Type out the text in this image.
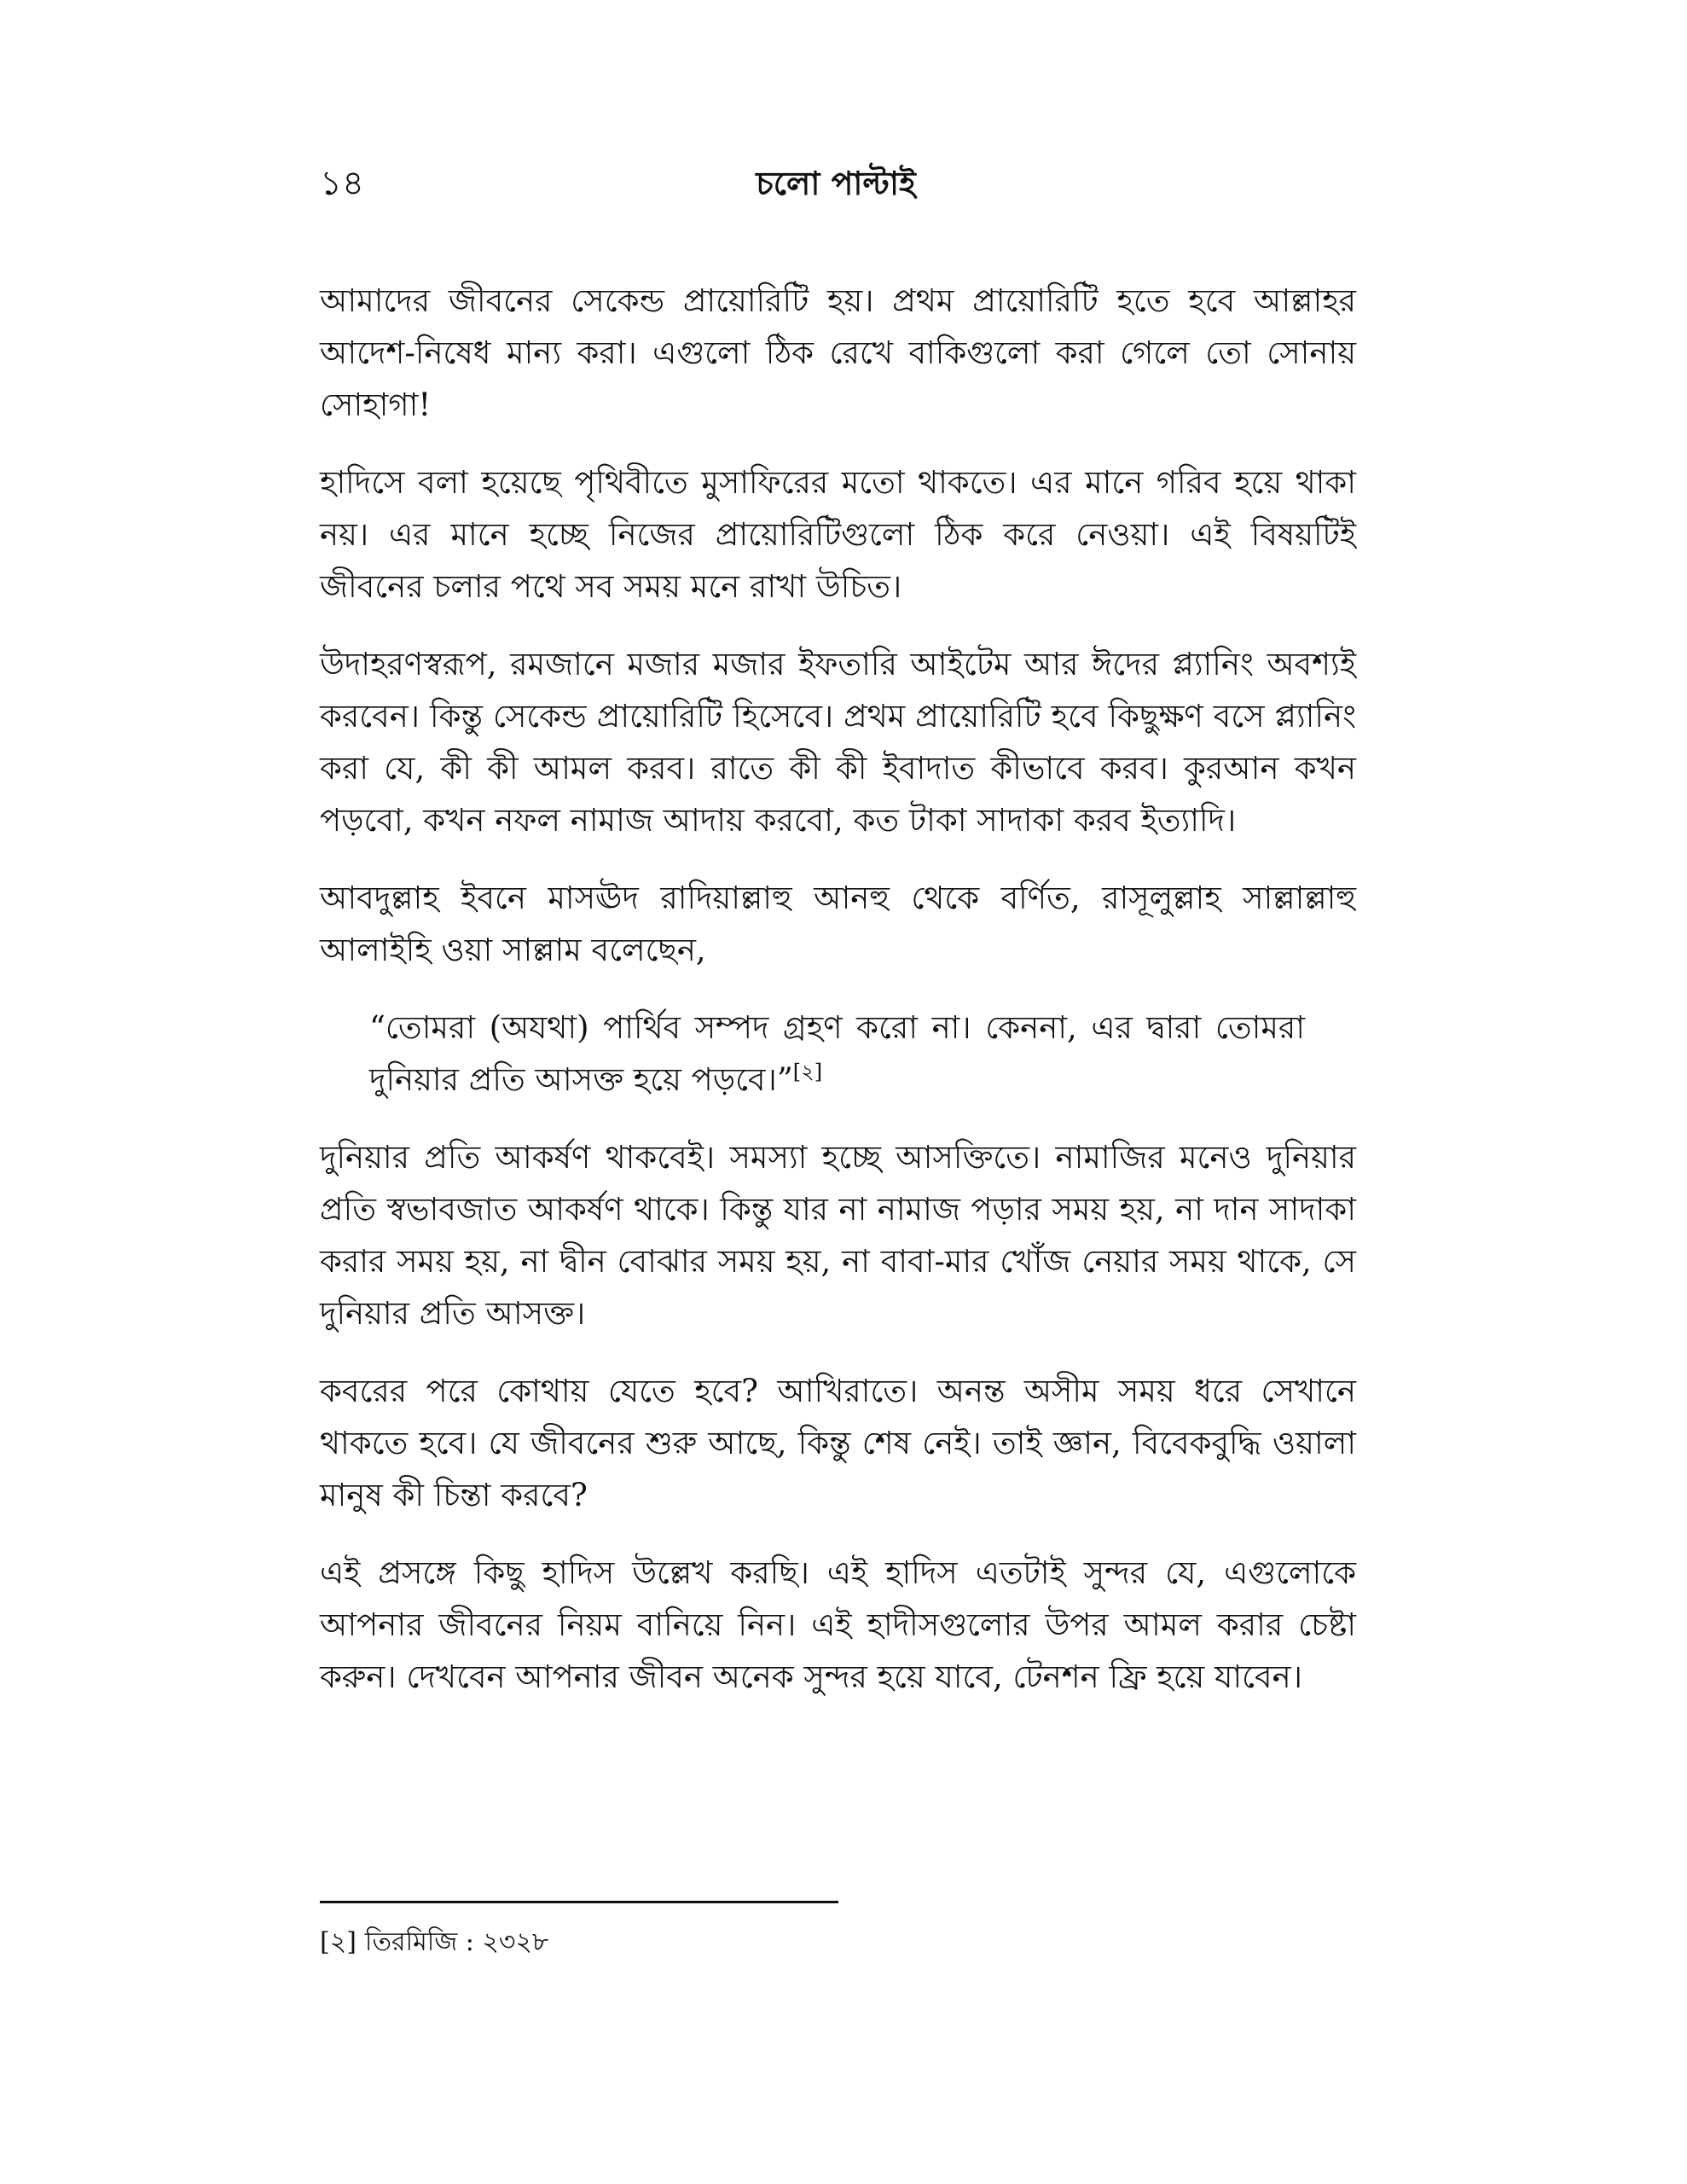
১৪	চলো পাল্টাই

আমাদের জীবনের সেকেন্ড প্রায়োরিটি হয়। প্রথম প্রায়োরিটি হতে হবে আল্লাহর আদেশ-নিষেধ মান্য করা। এগুলো ঠিক রেখে বাকিগুলো করা গেলে তো সোনায় সোহাগা!

হাদিসে বলা হয়েছে পৃথিবীতে মুসাফিরের মতো থাকতে। এর মানে গরিব হয়ে থাকা নয়। এর মানে হচ্ছে নিজের প্রায়োরিটিগুলো ঠিক করে নেওয়া। এই বিষয়টিই জীবনের চলার পথে সব সময় মনে রাখা উচিত।

উদাহরণস্বরূপ, রমজানে মজার মজার ইফতারি আইটেম আর ঈদের প্ল্যানিং অবশ্যই করবেন। কিন্তু সেকেন্ড প্রায়োরিটি হিসেবে। প্রথম প্রায়োরিটি হবে কিছুক্ষণ বসে প্ল্যানিং করা যে, কী কী আমল করব। রাতে কী কী ইবাদাত কীভাবে করব। কুরআন কখন পড়বো, কখন নফল নামাজ আদায় করবো, কত টাকা সাদাকা করব ইত্যাদি।

আবদুল্লাহ ইবনে মাসঊদ রাদিয়াল্লাহু আনহু থেকে বর্ণিত, রাসূলুল্লাহ সাল্লাল্লাহু আলাইহি ওয়া সাল্লাম বলেছেন,

“তোমরা (অযথা) পার্থিব সম্পদ গ্রহণ করো না। কেননা, এর দ্বারা তোমরা দুনিয়ার প্রতি আসক্ত হয়ে পড়বে।”[২]

দুনিয়ার প্রতি আকর্ষণ থাকবেই। সমস্যা হচ্ছে আসক্তিতে। নামাজির মনেও দুনিয়ার প্রতি স্বভাবজাত আকর্ষণ থাকে। কিন্তু যার না নামাজ পড়ার সময় হয়, না দান সাদাকা করার সময় হয়, না দ্বীন বোঝার সময় হয়, না বাবা-মার খোঁজ নেয়ার সময় থাকে, সে দুনিয়ার প্রতি আসক্ত।

কবরের পরে কোথায় যেতে হবে? আখিরাতে। অনন্ত অসীম সময় ধরে সেখানে থাকতে হবে। যে জীবনের শুরু আছে, কিন্তু শেষ নেই। তাই জ্ঞান, বিবেকবুদ্ধি ওয়ালা মানুষ কী চিন্তা করবে?

এই প্রসঙ্গে কিছু হাদিস উল্লেখ করছি। এই হাদিস এতটাই সুন্দর যে, এগুলোকে আপনার জীবনের নিয়ম বানিয়ে নিন। এই হাদীসগুলোর উপর আমল করার চেষ্টা করুন। দেখবেন আপনার জীবন অনেক সুন্দর হয়ে যাবে, টেনশন ফ্রি হয়ে যাবেন।

[২] তিরমিজি : ২৩২৮
